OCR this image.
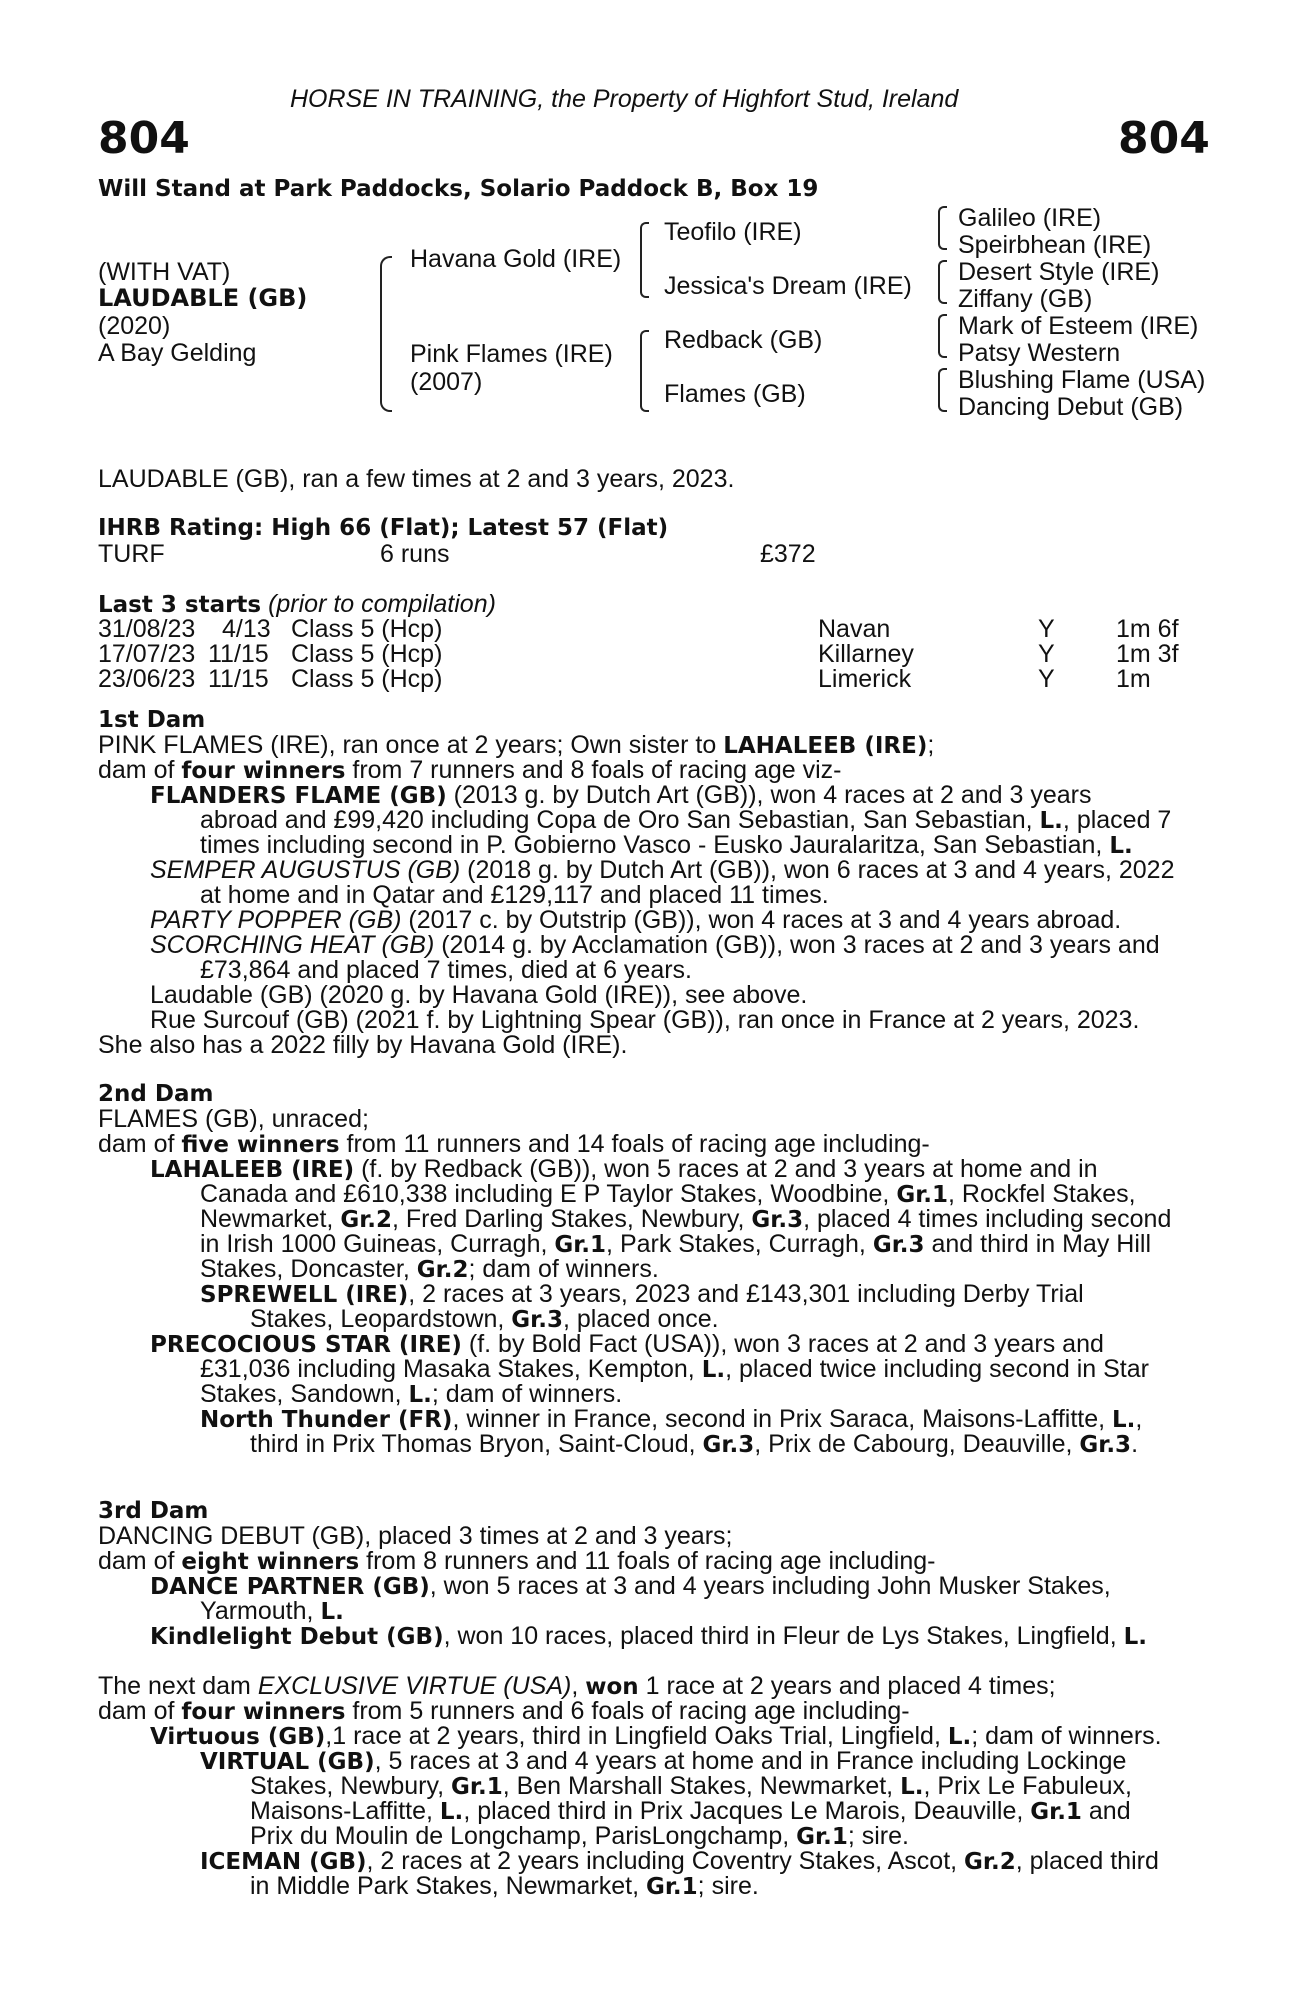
HORSE IN TRAINING, the Property of Highfort Stud, Ireland
804	804
Will Stand at Park Paddocks, Solario Paddock B, Box 19
(WITH VAT)
LAUDABLE (GB)
(2020)
A Bay Gelding
Havana Gold (IRE)
Pink Flames (IRE)
(2007)
Teofilo (IRE)
Jessica's Dream (IRE)
Redback (GB)
Flames (GB)
Galileo (IRE)
Speirbhean (IRE)
Desert Style (IRE)
Ziffany (GB)
Mark of Esteem (IRE)
Patsy Western
Blushing Flame (USA)
Dancing Debut (GB)
LAUDABLE (GB), ran a few times at 2 and 3 years, 2023.
IHRB Rating: High 66 (Flat); Latest 57 (Flat)
TURF	6 runs	£372
Last 3 starts (prior to compilation)
31/08/23 4/13 Class 5 (Hcp)	Navan	Y 1m 6f
17/07/23 11/15 Class 5 (Hcp)	Killarney	Y 1m 3f
23/06/23 11/15 Class 5 (Hcp)	Limerick	Y 1m
1st Dam
PINK FLAMES (IRE), ran once at 2 years; Own sister to LAHALEEB (IRE);
dam of four winners from 7 runners and 8 foals of racing age viz-
FLANDERS FLAME (GB) (2013 g. by Dutch Art (GB)), won 4 races at 2 and 3 years
abroad and £99,420 including Copa de Oro San Sebastian, San Sebastian, L., placed 7
times including second in P. Gobierno Vasco - Eusko Jauralaritza, San Sebastian, L.
SEMPER AUGUSTUS (GB) (2018 g. by Dutch Art (GB)), won 6 races at 3 and 4 years, 2022
at home and in Qatar and £129,117 and placed 11 times.
PARTY POPPER (GB) (2017 c. by Outstrip (GB)), won 4 races at 3 and 4 years abroad.
SCORCHING HEAT (GB) (2014 g. by Acclamation (GB)), won 3 races at 2 and 3 years and
£73,864 and placed 7 times, died at 6 years.
Laudable (GB) (2020 g. by Havana Gold (IRE)), see above.
Rue Surcouf (GB) (2021 f. by Lightning Spear (GB)), ran once in France at 2 years, 2023.
She also has a 2022 filly by Havana Gold (IRE).
2nd Dam
FLAMES (GB), unraced;
dam of five winners from 11 runners and 14 foals of racing age including-
LAHALEEB (IRE) (f. by Redback (GB)), won 5 races at 2 and 3 years at home and in
Canada and £610,338 including E P Taylor Stakes, Woodbine, Gr.1, Rockfel Stakes,
Newmarket, Gr.2, Fred Darling Stakes, Newbury, Gr.3, placed 4 times including second
in Irish 1000 Guineas, Curragh, Gr.1, Park Stakes, Curragh, Gr.3 and third in May Hill
Stakes, Doncaster, Gr.2; dam of winners.
SPREWELL (IRE), 2 races at 3 years, 2023 and £143,301 including Derby Trial
Stakes, Leopardstown, Gr.3, placed once.
PRECOCIOUS STAR (IRE) (f. by Bold Fact (USA)), won 3 races at 2 and 3 years and
£31,036 including Masaka Stakes, Kempton, L., placed twice including second in Star
Stakes, Sandown, L.; dam of winners.
North Thunder (FR), winner in France, second in Prix Saraca, Maisons-Laffitte, L.,
third in Prix Thomas Bryon, Saint-Cloud, Gr.3, Prix de Cabourg, Deauville, Gr.3.
3rd Dam
DANCING DEBUT (GB), placed 3 times at 2 and 3 years;
dam of eight winners from 8 runners and 11 foals of racing age including-
DANCE PARTNER (GB), won 5 races at 3 and 4 years including John Musker Stakes,
Yarmouth, L.
Kindlelight Debut (GB), won 10 races, placed third in Fleur de Lys Stakes, Lingfield, L.
The next dam EXCLUSIVE VIRTUE (USA), won 1 race at 2 years and placed 4 times;
dam of four winners from 5 runners and 6 foals of racing age including-
Virtuous (GB),1 race at 2 years, third in Lingfield Oaks Trial, Lingfield, L.; dam of winners.
VIRTUAL (GB), 5 races at 3 and 4 years at home and in France including Lockinge
Stakes, Newbury, Gr.1, Ben Marshall Stakes, Newmarket, L., Prix Le Fabuleux,
Maisons-Laffitte, L., placed third in Prix Jacques Le Marois, Deauville, Gr.1 and
Prix du Moulin de Longchamp, ParisLongchamp, Gr.1; sire.
ICEMAN (GB), 2 races at 2 years including Coventry Stakes, Ascot, Gr.2, placed third
in Middle Park Stakes, Newmarket, Gr.1; sire.
